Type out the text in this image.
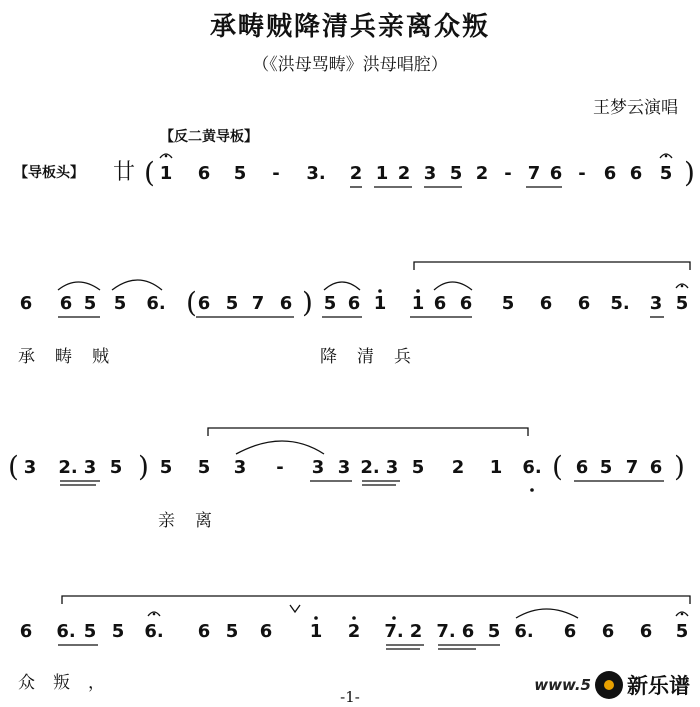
承畴贼降清兵亲离众叛
（《洪母骂畴》洪母唱腔）
王梦云演唱
【反二黄导板】
【导板头】 廿 ( 1	6	5	-	3.	2 1 2 3 5 2 - 7 6 -	6 6 5 )
6	6 5 5	6. ( 6 5 7 6 ) 5 6 1	1 6 6	5	6	6	5.	3 5
承畴贼	降清兵
( 3	2. 3 5 ) 5	5	3	-	3 3 2. 3 5	2	1	6. ( 6 5 7 6 )
亲离
6	6. 5 5	6.	6 5	6	1	2	7. 2 7. 6 5 6.	6	6	6	5
众叛，
-1-
www.5 新乐谱
